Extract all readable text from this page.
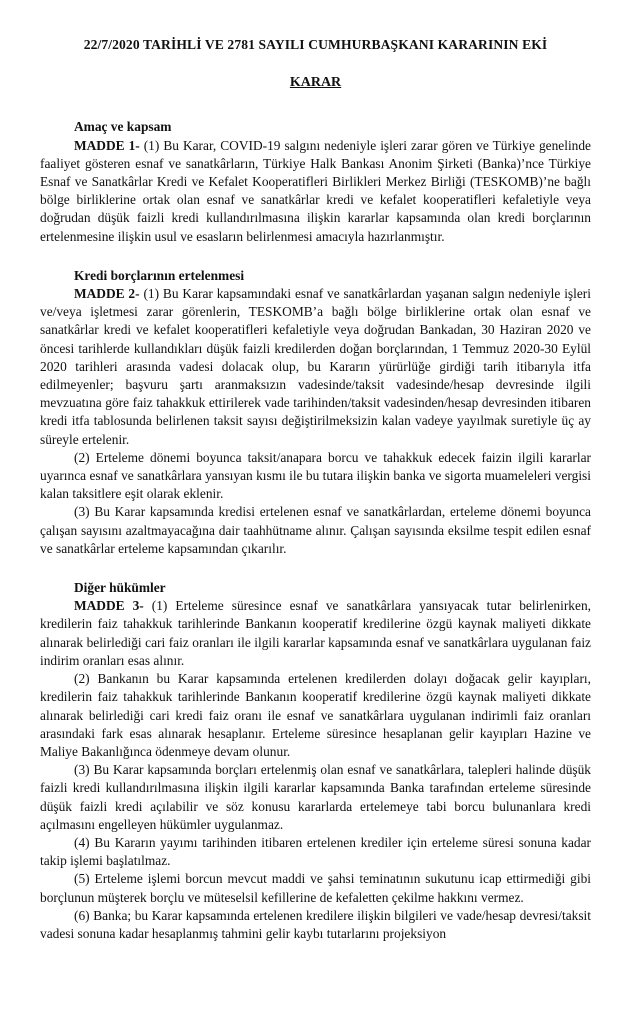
22/7/2020 TARİHLİ VE 2781 SAYILI CUMHURBAŞKANI KARARININ EKİ
KARAR
Amaç ve kapsam

MADDE 1- (1) Bu Karar, COVID-19 salgını nedeniyle işleri zarar gören ve Türkiye genelinde faaliyet gösteren esnaf ve sanatkârların, Türkiye Halk Bankası Anonim Şirketi (Banka)’nce Türkiye Esnaf ve Sanatkârlar Kredi ve Kefalet Kooperatifleri Birlikleri Merkez Birliği (TESKOMB)’ne bağlı bölge birliklerine ortak olan esnaf ve sanatkârlar kredi ve kefalet kooperatifleri kefaletiyle veya doğrudan düşük faizli kredi kullandırılmasına ilişkin kararlar kapsamında olan kredi borçlarının ertelenmesine ilişkin usul ve esasların belirlenmesi amacıyla hazırlanmıştır.

Kredi borçlarının ertelenmesi

MADDE 2- (1) Bu Karar kapsamındaki esnaf ve sanatkârlardan yaşanan salgın nedeniyle işleri ve/veya işletmesi zarar görenlerin, TESKOMB’a bağlı bölge birliklerine ortak olan esnaf ve sanatkârlar kredi ve kefalet kooperatifleri kefaletiyle veya doğrudan Bankadan, 30 Haziran 2020 ve öncesi tarihlerde kullandıkları düşük faizli kredilerden doğan borçlarından, 1 Temmuz 2020-30 Eylül 2020 tarihleri arasında vadesi dolacak olup, bu Kararın yürürlüğe girdiği tarih itibarıyla itfa edilmeyenler; başvuru şartı aranmaksızın vadesinde/taksit vadesinde/hesap devresinde ilgili mevzuatına göre faiz tahakkuk ettirilerek vade tarihinden/taksit vadesinden/hesap devresinden itibaren kredi itfa tablosunda belirlenen taksit sayısı değiştirilmeksizin kalan vadeye yayılmak suretiyle üç ay süreyle ertelenir.

(2) Erteleme dönemi boyunca taksit/anapara borcu ve tahakkuk edecek faizin ilgili kararlar uyarınca esnaf ve sanatkârlara yansıyan kısmı ile bu tutara ilişkin banka ve sigorta muameleleri vergisi kalan taksitlere eşit olarak eklenir.

(3) Bu Karar kapsamında kredisi ertelenen esnaf ve sanatkârlardan, erteleme dönemi boyunca çalışan sayısını azaltmayacağına dair taahhütname alınır. Çalışan sayısında eksilme tespit edilen esnaf ve sanatkârlar erteleme kapsamından çıkarılır.

Diğer hükümler

MADDE 3- (1) Erteleme süresince esnaf ve sanatkârlara yansıyacak tutar belirlenirken, kredilerin faiz tahakkuk tarihlerinde Bankanın kooperatif kredilerine özgü kaynak maliyeti dikkate alınarak belirlediği cari faiz oranları ile ilgili kararlar kapsamında esnaf ve sanatkârlara uygulanan faiz indirim oranları esas alınır.

(2) Bankanın bu Karar kapsamında ertelenen kredilerden dolayı doğacak gelir kayıpları, kredilerin faiz tahakkuk tarihlerinde Bankanın kooperatif kredilerine özgü kaynak maliyeti dikkate alınarak belirlediği cari kredi faiz oranı ile esnaf ve sanatkârlara uygulanan indirimli faiz oranları arasındaki fark esas alınarak hesaplanır. Erteleme süresince hesaplanan gelir kayıpları Hazine ve Maliye Bakanlığınca ödenmeye devam olunur.

(3) Bu Karar kapsamında borçları ertelenmiş olan esnaf ve sanatkârlara, talepleri halinde düşük faizli kredi kullandırılmasına ilişkin ilgili kararlar kapsamında Banka tarafından erteleme süresinde düşük faizli kredi açılabilir ve söz konusu kararlarda ertelemeye tabi borcu bulunanlara kredi açılmasını engelleyen hükümler uygulanmaz.

(4) Bu Kararın yayımı tarihinden itibaren ertelenen krediler için erteleme süresi sonuna kadar takip işlemi başlatılmaz.

(5) Erteleme işlemi borcun mevcut maddi ve şahsi teminatının sukutunu icap ettirmediği gibi borçlunun müşterek borçlu ve müteselsil kefillerine de kefaletten çekilme hakkını vermez.

(6) Banka; bu Karar kapsamında ertelenen kredilere ilişkin bilgileri ve vade/hesap devresi/taksit vadesi sonuna kadar hesaplanmış tahmini gelir kaybı tutarlarını projeksiyon
